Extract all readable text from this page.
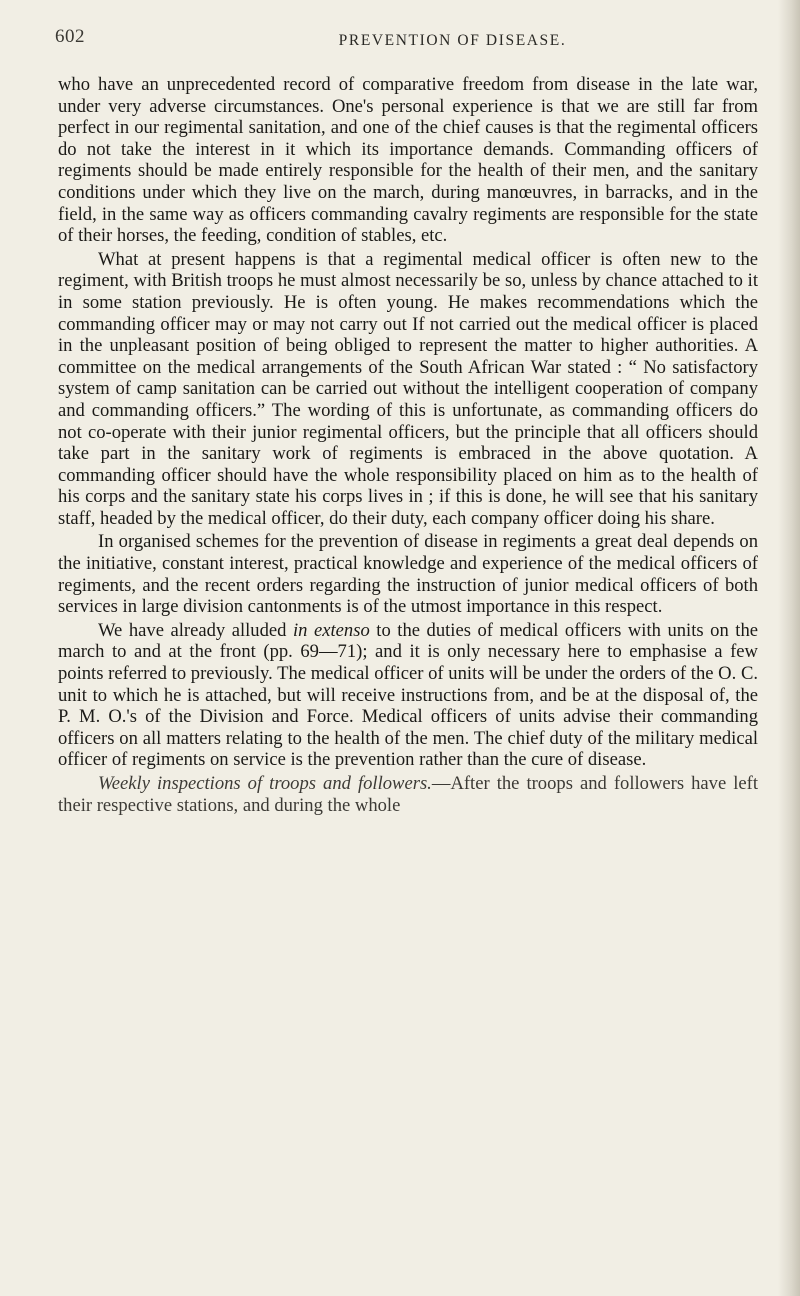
602	PREVENTION OF DISEASE.

who have an unprecedented record of comparative freedom from disease in the late war, under very adverse circumstances. One's personal experience is that we are still far from perfect in our regimental sanitation, and one of the chief causes is that the regimental officers do not take the interest in it which its importance demands. Commanding officers of regiments should be made entirely responsible for the health of their men, and the sanitary conditions under which they live on the march, during manœuvres, in barracks, and in the field, in the same way as officers commanding cavalry regiments are responsible for the state of their horses, the feeding, condition of stables, etc.

What at present happens is that a regimental medical officer is often new to the regiment, with British troops he must almost necessarily be so, unless by chance attached to it in some station previously. He is often young. He makes recommendations which the commanding officer may or may not carry out If not carried out the medical officer is placed in the unpleasant position of being obliged to represent the matter to higher authorities. A committee on the medical arrangements of the South African War stated : “ No satisfactory system of camp sanitation can be carried out without the intelligent cooperation of company and commanding officers.” The wording of this is unfortunate, as commanding officers do not co-operate with their junior regimental officers, but the principle that all officers should take part in the sanitary work of regiments is embraced in the above quotation. A commanding officer should have the whole responsibility placed on him as to the health of his corps and the sanitary state his corps lives in ; if this is done, he will see that his sanitary staff, headed by the medical officer, do their duty, each company officer doing his share.

In organised schemes for the prevention of disease in regiments a great deal depends on the initiative, constant interest, practical knowledge and experience of the medical officers of regiments, and the recent orders regarding the instruction of junior medical officers of both services in large division cantonments is of the utmost importance in this respect.

We have already alluded in extenso to the duties of medical officers with units on the march to and at the front (pp. 69—71); and it is only necessary here to emphasise a few points referred to previously. The medical officer of units will be under the orders of the O. C. unit to which he is attached, but will receive instructions from, and be at the disposal of, the P. M. O.'s of the Division and Force. Medical officers of units advise their commanding officers on all matters relating to the health of the men. The chief duty of the military medical officer of regiments on service is the prevention rather than the cure of disease.

Weekly inspections of troops and followers.—After the troops and followers have left their respective stations, and during the whole
